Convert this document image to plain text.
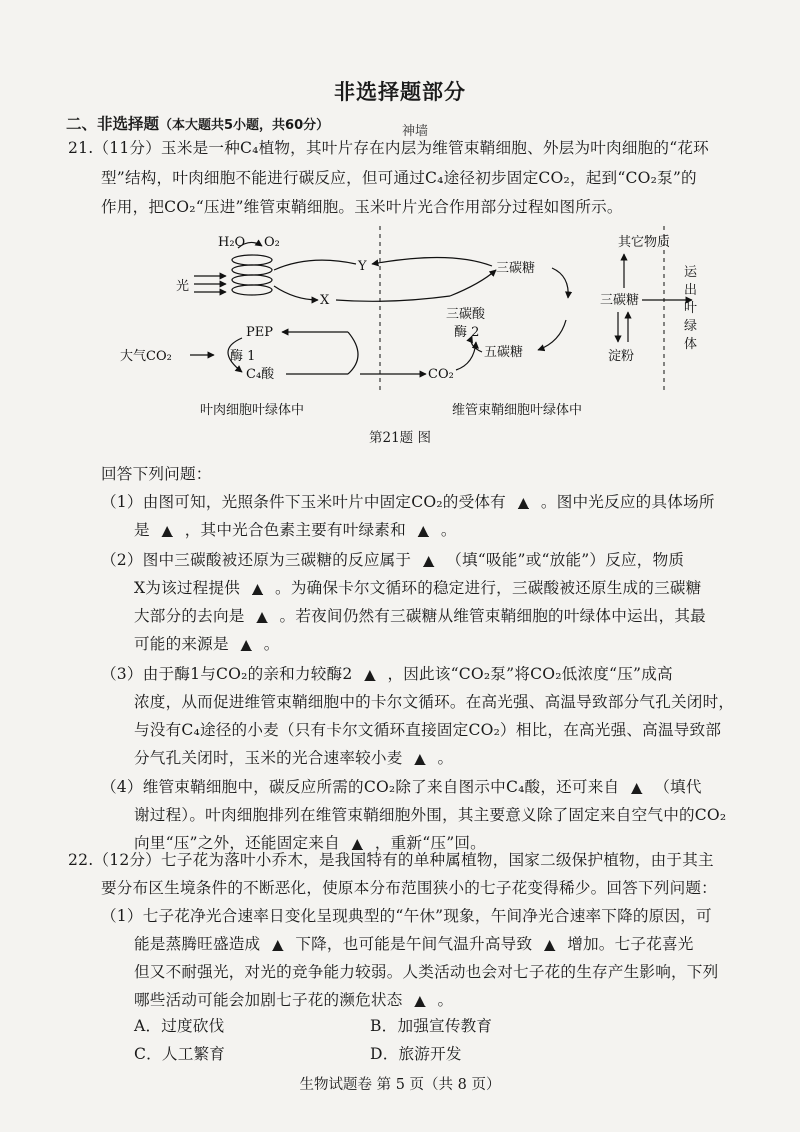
非选择题部分
二、非选择题（本大题共5小题，共60分）	神墙
21.（11分）玉米是一种C₄植物，其叶片存在内层为维管束鞘细胞、外层为叶肉细胞的“花环
型”结构，叶肉细胞不能进行碳反应，但可通过C₄途径初步固定CO₂，起到“CO₂泵”的
作用，把CO₂“压进”维管束鞘细胞。玉米叶片光合作用部分过程如图所示。
H₂O O₂
光
Y
X
三碳糖
三碳酸
酶 2
五碳糖
其它物质
三碳糖
淀粉
运
出
叶
绿
体
PEP
大气CO₂	酶 1
C₄酸	CO₂
叶肉细胞叶绿体中	维管束鞘细胞叶绿体中
第21题 图
回答下列问题：
（1）由图可知，光照条件下玉米叶片中固定CO₂的受体有 ▲ 。图中光反应的具体场所
是 ▲ ，其中光合色素主要有叶绿素和 ▲ 。
（2）图中三碳酸被还原为三碳糖的反应属于 ▲ （填“吸能”或“放能”）反应，物质
X为该过程提供 ▲ 。为确保卡尔文循环的稳定进行，三碳酸被还原生成的三碳糖
大部分的去向是 ▲ 。若夜间仍然有三碳糖从维管束鞘细胞的叶绿体中运出，其最
可能的来源是 ▲ 。
（3）由于酶1与CO₂的亲和力较酶2 ▲ ，因此该“CO₂泵”将CO₂低浓度“压”成高
浓度，从而促进维管束鞘细胞中的卡尔文循环。在高光强、高温导致部分气孔关闭时，
与没有C₄途径的小麦（只有卡尔文循环直接固定CO₂）相比，在高光强、高温导致部
分气孔关闭时，玉米的光合速率较小麦 ▲ 。
（4）维管束鞘细胞中，碳反应所需的CO₂除了来自图示中C₄酸，还可来自 ▲ （填代
谢过程）。叶肉细胞排列在维管束鞘细胞外围，其主要意义除了固定来自空气中的CO₂
向里“压”之外，还能固定来自 ▲ ，重新“压”回。
22.（12分）七子花为落叶小乔木，是我国特有的单种属植物，国家二级保护植物，由于其主
要分布区生境条件的不断恶化，使原本分布范围狭小的七子花变得稀少。回答下列问题：
（1）七子花净光合速率日变化呈现典型的“午休”现象，午间净光合速率下降的原因，可
能是蒸腾旺盛造成 ▲ 下降，也可能是午间气温升高导致 ▲ 增加。七子花喜光
但又不耐强光，对光的竞争能力较弱。人类活动也会对七子花的生存产生影响，下列
哪些活动可能会加剧七子花的濒危状态 ▲ 。
A．过度砍伐	B．加强宣传教育
C．人工繁育	D．旅游开发
生物试题卷 第 5 页（共 8 页）
